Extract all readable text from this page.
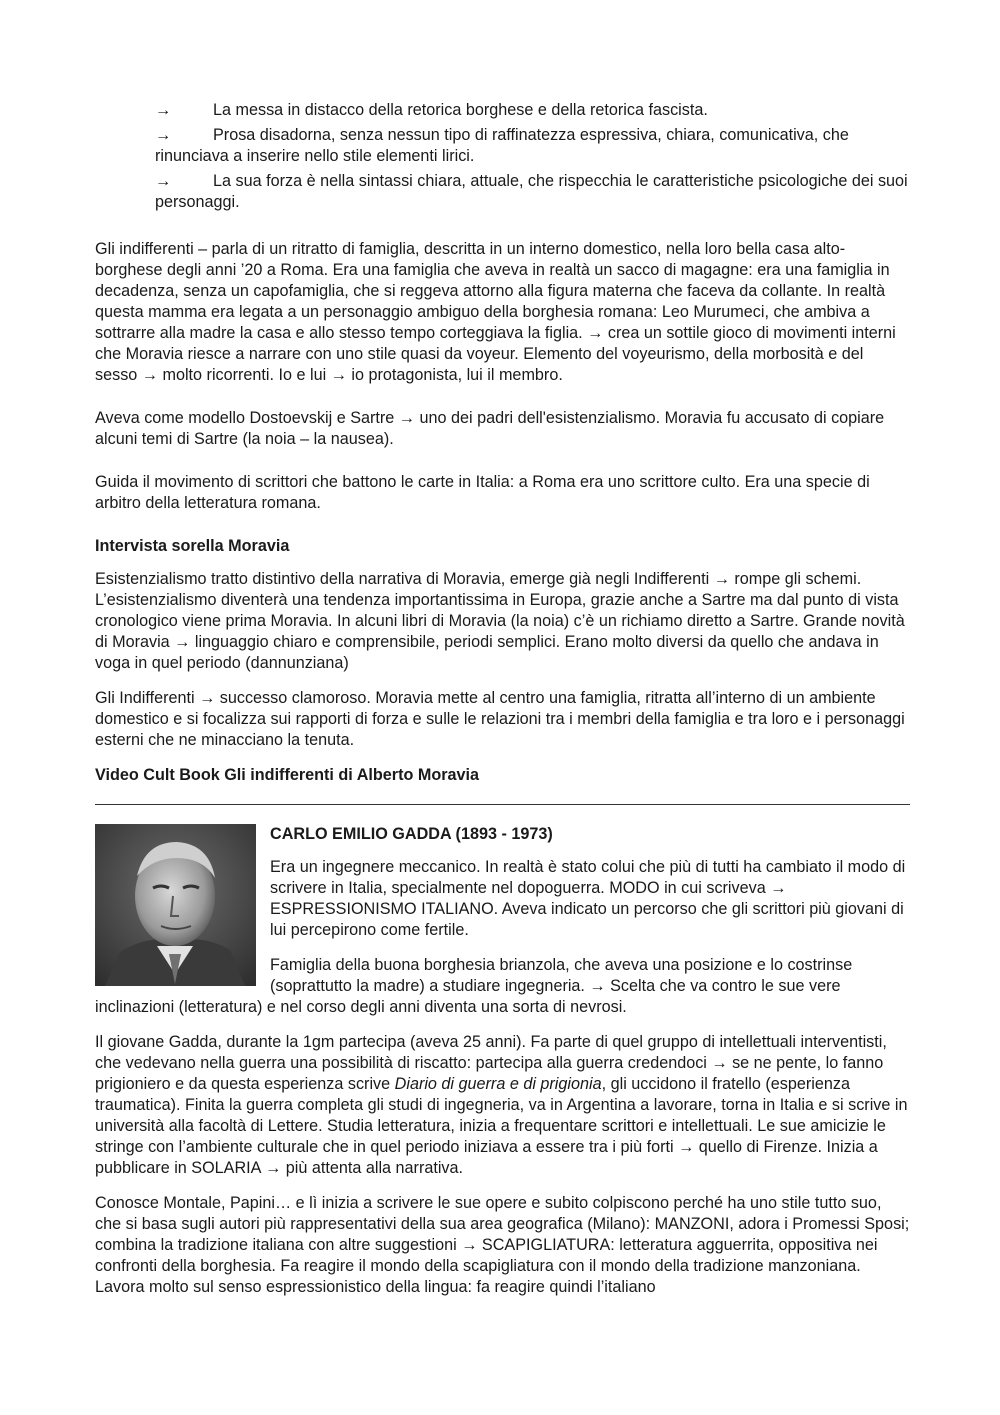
→	La messa in distacco della retorica borghese e della retorica fascista.

→	Prosa disadorna, senza nessun tipo di raffinatezza espressiva, chiara, comunicativa, che rinunciava a inserire nello stile elementi lirici.

→	La sua forza è nella sintassi chiara, attuale, che rispecchia le caratteristiche psicologiche dei suoi personaggi.

Gli indifferenti – parla di un ritratto di famiglia, descritta in un interno domestico, nella loro bella casa alto-borghese degli anni ’20 a Roma. Era una famiglia che aveva in realtà un sacco di magagne: era una famiglia in decadenza, senza un capofamiglia, che si reggeva attorno alla figura materna che faceva da collante. In realtà questa mamma era legata a un personaggio ambiguo della borghesia romana: Leo Murumeci, che ambiva a sottrarre alla madre la casa e allo stesso tempo corteggiava la figlia. → crea un sottile gioco di movimenti interni che Moravia riesce a narrare con uno stile quasi da voyeur. Elemento del voyeurismo, della morbosità e del sesso → molto ricorrenti. Io e lui → io protagonista, lui il membro.

Aveva come modello Dostoevskij e Sartre → uno dei padri dell'esistenzialismo. Moravia fu accusato di copiare alcuni temi di Sartre (la noia – la nausea).

Guida il movimento di scrittori che battono le carte in Italia: a Roma era uno scrittore culto. Era una specie di arbitro della letteratura romana.

Intervista sorella Moravia

Esistenzialismo tratto distintivo della narrativa di Moravia, emerge già negli Indifferenti → rompe gli schemi. L’esistenzialismo diventerà una tendenza importantissima in Europa, grazie anche a Sartre ma dal punto di vista cronologico viene prima Moravia. In alcuni libri di Moravia (la noia) c’è un richiamo diretto a Sartre. Grande novità di Moravia → linguaggio chiaro e comprensibile, periodi semplici. Erano molto diversi da quello che andava in voga in quel periodo (dannunziana)

Gli Indifferenti → successo clamoroso. Moravia mette al centro una famiglia, ritratta all’interno di un ambiente domestico e si focalizza sui rapporti di forza e sulle le relazioni tra i membri della famiglia e tra loro e i personaggi esterni che ne minacciano la tenuta.

Video Cult Book Gli indifferenti di Alberto Moravia

CARLO EMILIO GADDA (1893 - 1973)

Era un ingegnere meccanico. In realtà è stato colui che più di tutti ha cambiato il modo di scrivere in Italia, specialmente nel dopoguerra. MODO in cui scriveva → ESPRESSIONISMO ITALIANO. Aveva indicato un percorso che gli scrittori più giovani di lui percepirono come fertile.

Famiglia della buona borghesia brianzola, che aveva una posizione e lo costrinse (soprattutto la madre) a studiare ingegneria. → Scelta che va contro le sue vere inclinazioni (letteratura) e nel corso degli anni diventa una sorta di nevrosi.

Il giovane Gadda, durante la 1gm partecipa (aveva 25 anni). Fa parte di quel gruppo di intellettuali interventisti, che vedevano nella guerra una possibilità di riscatto: partecipa alla guerra credendoci → se ne pente, lo fanno prigioniero e da questa esperienza scrive Diario di guerra e di prigionia, gli uccidono il fratello (esperienza traumatica). Finita la guerra completa gli studi di ingegneria, va in Argentina a lavorare, torna in Italia e si scrive in università alla facoltà di Lettere. Studia letteratura, inizia a frequentare scrittori e intellettuali. Le sue amicizie le stringe con l’ambiente culturale che in quel periodo iniziava a essere tra i più forti → quello di Firenze. Inizia a pubblicare in SOLARIA → più attenta alla narrativa.

Conosce Montale, Papini… e lì inizia a scrivere le sue opere e subito colpiscono perché ha uno stile tutto suo, che si basa sugli autori più rappresentativi della sua area geografica (Milano): MANZONI, adora i Promessi Sposi; combina la tradizione italiana con altre suggestioni → SCAPIGLIATURA: letteratura agguerrita, oppositiva nei confronti della borghesia. Fa reagire il mondo della scapigliatura con il mondo della tradizione manzoniana. Lavora molto sul senso espressionistico della lingua: fa reagire quindi l’italiano
